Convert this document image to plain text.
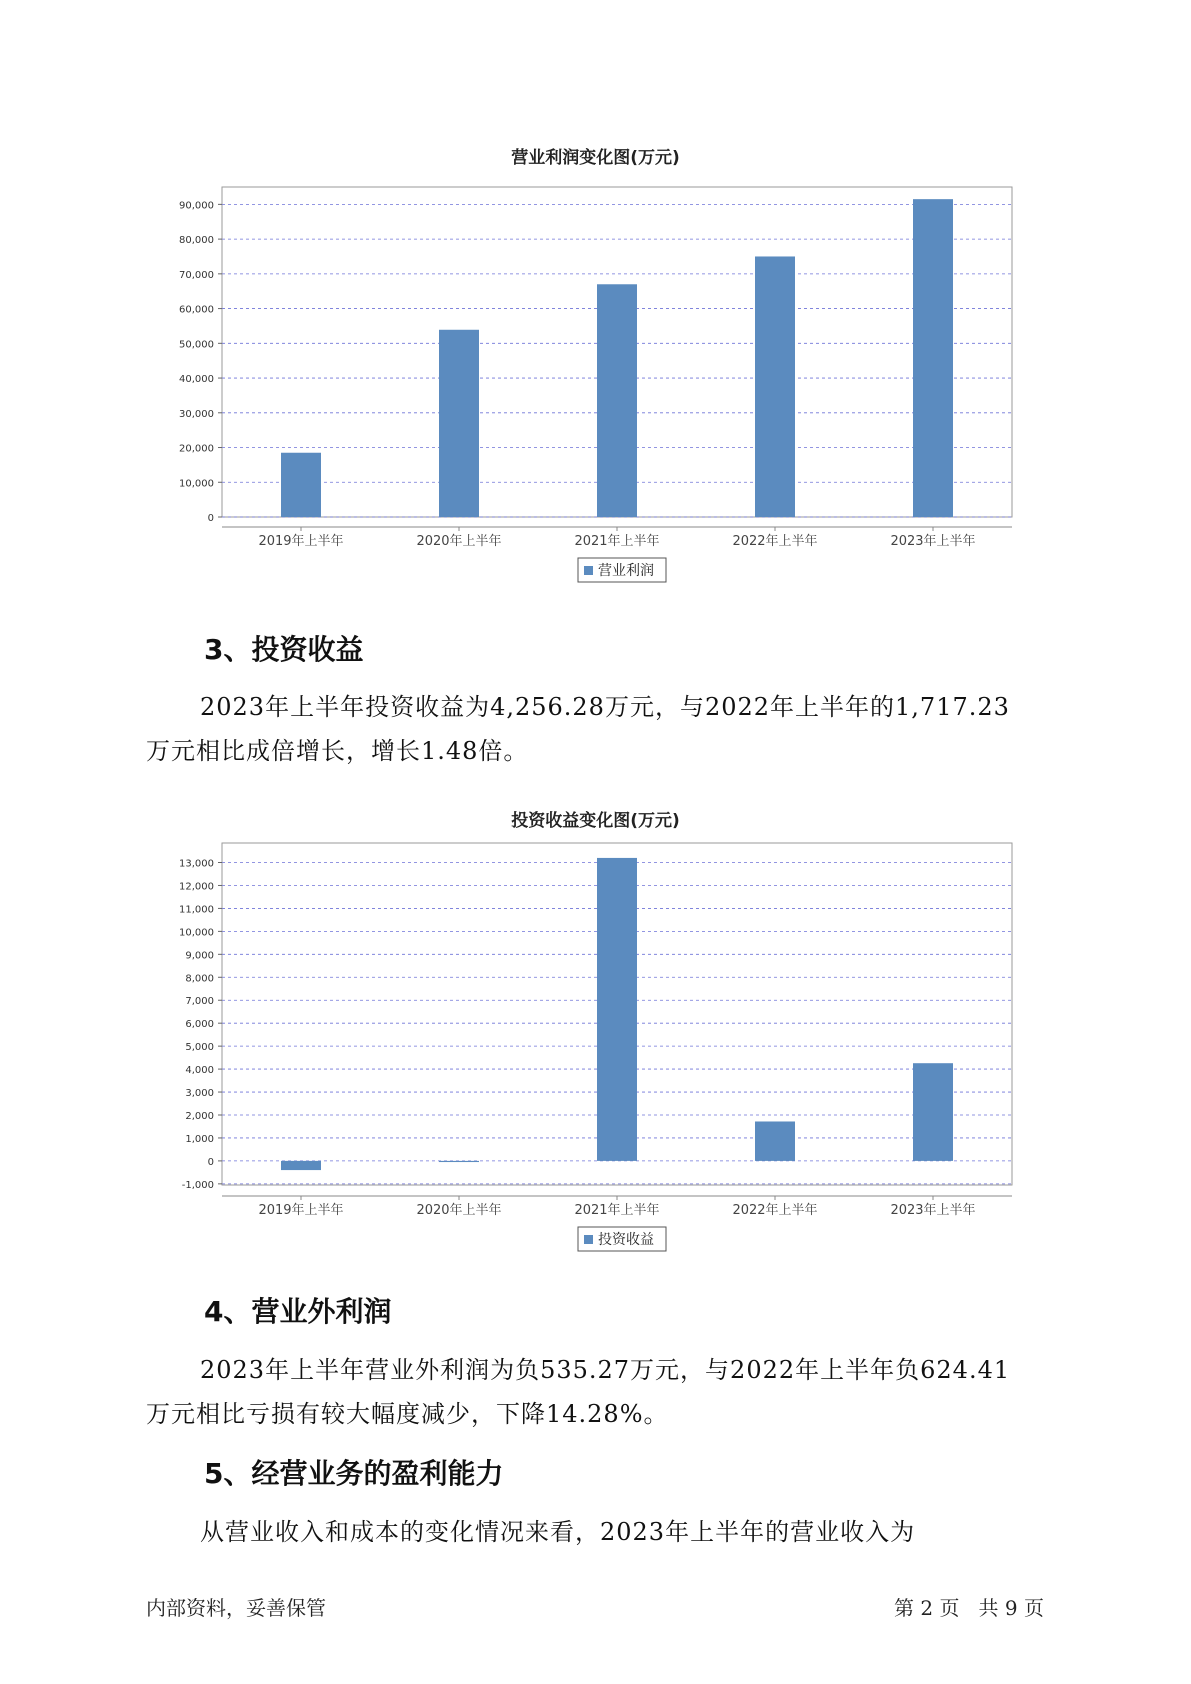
营业利润变化图(万元)
0
10,000
20,000
30,000
40,000
50,000
60,000
70,000
80,000
90,000
2019年上半年	2020年上半年	2021年上半年	2022年上半年	2023年上半年
营业利润
3、投资收益
2023年上半年投资收益为4,256.28万元，与2022年上半年的1,717.23
万元相比成倍增长，增长1.48倍。
投资收益变化图(万元)
-1,000
0
1,000
2,000
3,000
4,000
5,000
6,000
7,000
8,000
9,000
10,000
11,000
12,000
13,000
2019年上半年	2020年上半年	2021年上半年	2022年上半年	2023年上半年
投资收益
4、营业外利润
2023年上半年营业外利润为负535.27万元，与2022年上半年负624.41
万元相比亏损有较大幅度减少，下降14.28%。
5、经营业务的盈利能力
从营业收入和成本的变化情况来看，2023年上半年的营业收入为
内部资料，妥善保管	第 2 页   共 9 页
